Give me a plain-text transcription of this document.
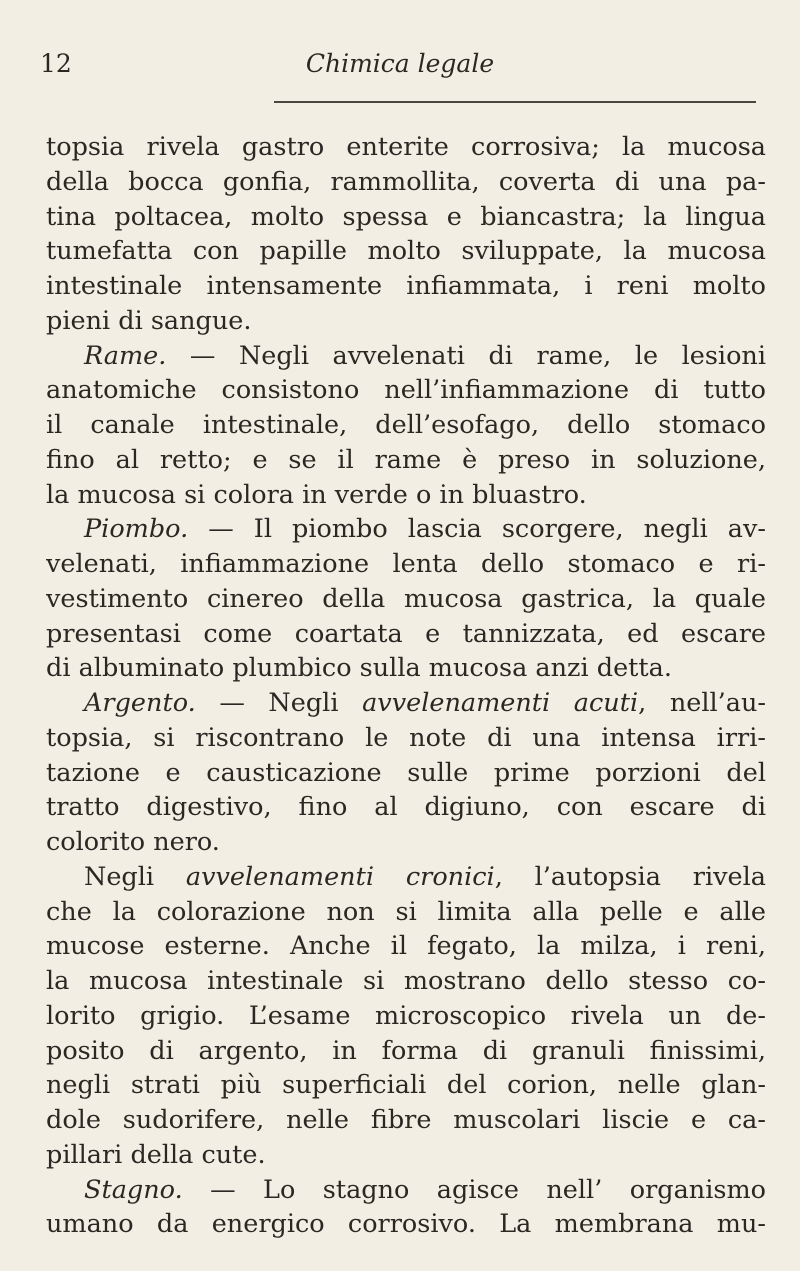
12	Chimica legale
topsia rivela gastro enterite corrosiva; la mucosa
della bocca gonfia, rammollita, coverta di una pa-
tina poltacea, molto spessa e biancastra; la lingua
tumefatta con papille molto sviluppate, la mucosa
intestinale intensamente infiammata, i reni molto
pieni di sangue.
Rame. — Negli avvelenati di rame, le lesioni
anatomiche consistono nell’infiammazione di tutto
il canale intestinale, dell’esofago, dello stomaco
fino al retto; e se il rame è preso in soluzione,
la mucosa si colora in verde o in bluastro.
Piombo. — Il piombo lascia scorgere, negli av-
velenati, infiammazione lenta dello stomaco e ri-
vestimento cinereo della mucosa gastrica, la quale
presentasi come coartata e tannizzata, ed escare
di albuminato plumbico sulla mucosa anzi detta.
Argento. — Negli avvelenamenti acuti, nell’au-
topsia, si riscontrano le note di una intensa irri-
tazione e causticazione sulle prime porzioni del
tratto digestivo, fino al digiuno, con escare di
colorito nero.
Negli avvelenamenti cronici, l’autopsia rivela
che la colorazione non si limita alla pelle e alle
mucose esterne. Anche il fegato, la milza, i reni,
la mucosa intestinale si mostrano dello stesso co-
lorito grigio. L’esame microscopico rivela un de-
posito di argento, in forma di granuli finissimi,
negli strati più superficiali del corion, nelle glan-
dole sudorifere, nelle fibre muscolari liscie e ca-
pillari della cute.
Stagno. — Lo stagno agisce nell’ organismo
umano da energico corrosivo. La membrana mu-
